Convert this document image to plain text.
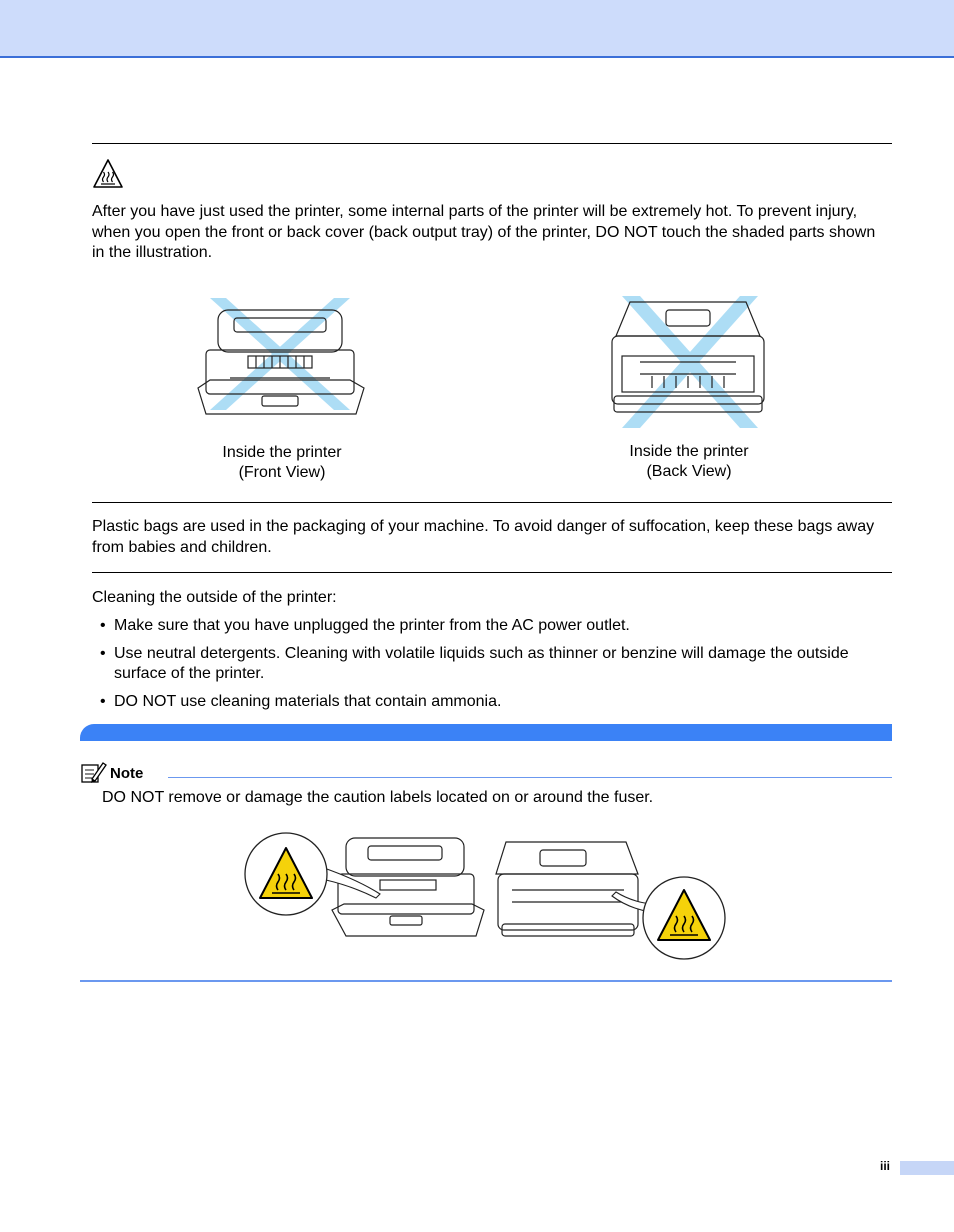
After you have just used the printer, some internal parts of the printer will be extremely hot. To prevent injury, when you open the front or back cover (back output tray) of the printer, DO NOT touch the shaded parts shown in the illustration.

Inside the printer
(Front View)
Inside the printer
(Back View)

Plastic bags are used in the packaging of your machine. To avoid danger of suffocation, keep these bags away from babies and children.

Cleaning the outside of the printer:

• Make sure that you have unplugged the printer from the AC power outlet.
• Use neutral detergents. Cleaning with volatile liquids such as thinner or benzine will damage the outside surface of the printer.
• DO NOT use cleaning materials that contain ammonia.
Note

DO NOT remove or damage the caution labels located on or around the fuser.

iii
